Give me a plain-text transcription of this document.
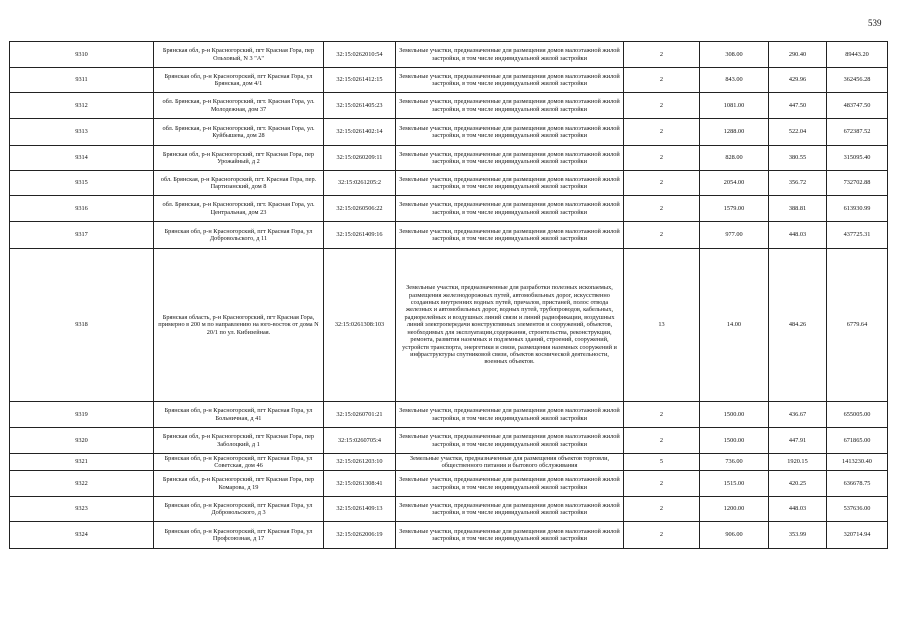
539
9310	Брянская обл, р-н Красногорский, пгт Красная Гора, пер Ольховый, N 3 "А"	32:15:0262010:54	Земельные участки, предназначенные для размещения домов малоэтажной жилой застройки, в том числе индивидуальной жилой застройки	2	308.00	290.40	89443.20
9311	Брянская обл, р-н Красногорский, пгт Красная Гора, ул Брянская, дом 4/1	32:15:0261412:15	Земельные участки, предназначенные для размещения домов малоэтажной жилой застройки, в том числе индивидуальной жилой застройки	2	843.00	429.96	362456.28
9312	обл. Брянская, р-н Красногорский, пгт. Красная Гора, ул. Молодежная, дом 37	32:15:0261405:23	Земельные участки, предназначенные для размещения домов малоэтажной жилой застройки, в том числе индивидуальной жилой застройки	2	1081.00	447.50	483747.50
9313	обл. Брянская, р-н Красногорский, пгт. Красная Гора, ул. Куйбышева, дом 28	32:15:0261402:14	Земельные участки, предназначенные для размещения домов малоэтажной жилой застройки, в том числе индивидуальной жилой застройки	2	1288.00	522.04	672387.52
9314	Брянская обл, р-н Красногорский, пгт Красная Гора, пер Урожайный, д 2	32:15:0260209:11	Земельные участки, предназначенные для размещения домов малоэтажной жилой застройки, в том числе индивидуальной жилой застройки	2	828.00	380.55	315095.40
9315	обл. Брянская, р-н Красногорский, пгт. Красная Гора, пер. Партизанский, дом 8	32:15:0261205:2	Земельные участки, предназначенные для размещения домов малоэтажной жилой застройки, в том числе индивидуальной жилой застройки	2	2054.00	356.72	732702.88
9316	обл. Брянская, р-н Красногорский, пгт. Красная Гора, ул. Центральная, дом 23	32:15:0260506:22	Земельные участки, предназначенные для размещения домов малоэтажной жилой застройки, в том числе индивидуальной жилой застройки	2	1579.00	388.81	613930.99
9317	Брянская обл, р-н Красногорский, пгт Красная Гора, ул Добровольского, д 11	32:15:0261409:16	Земельные участки, предназначенные для размещения домов малоэтажной жилой застройки, в том числе индивидуальной жилой застройки	2	977.00	448.03	437725.31
9318	Брянская область, р-н Красногорский, пгт Красная Гора, примерно в 200 м по направлению на юго-восток от дома N 20/1 по ул. Кибизейная.	32:15:0261308:103	Земельные участки, предназначенные для разработки полезных ископаемых, размещения железнодорожных путей, автомобильных дорог, искусственно созданных внутренних водных путей, причалов, пристаней, полос отвода железных и автомобильных дорог, водных путей, трубопроводов, кабельных, радиорелейных и воздушных линий связи и линий радиофикации, воздушных линий электропередачи конструктивных элементов и сооружений, объектов, необходимых для эксплуатации,содержания, строительства, реконструкции, ремонта, развития наземных и подземных зданий, строений, сооружений, устройств транспорта, энергетики и связи, размещения наземных сооружений и инфраструктуры спутниковой связи, объектов космической деятельности, военных объектов.	13	14.00	484.26	6779.64
9319	Брянская обл, р-н Красногорский, пгт Красная Гора, ул Больничная, д 41	32:15:0260701:21	Земельные участки, предназначенные для размещения домов малоэтажной жилой застройки, в том числе индивидуальной жилой застройки	2	1500.00	436.67	655005.00
9320	Брянская обл, р-н Красногорский, пгт Красная Гора, пер Заболоцкий, д 1	32:15:0260705:4	Земельные участки, предназначенные для размещения домов малоэтажной жилой застройки, в том числе индивидуальной жилой застройки	2	1500.00	447.91	671865.00
9321	Брянская обл, р-н Красногорский, пгт Красная Гора, ул Советская, дом 46	32:15:0261203:10	Земельные участки, предназначенные для размещения объектов торговли, общественного питания и бытового обслуживания	5	736.00	1920.15	1413230.40
9322	Брянская обл, р-н Красногорский, пгт Красная Гора, пер Комарова, д 19	32:15:0261308:41	Земельные участки, предназначенные для размещения домов малоэтажной жилой застройки, в том числе индивидуальной жилой застройки	2	1515.00	420.25	636678.75
9323	Брянская обл, р-н Красногорский, пгт Красная Гора, ул Добровольского, д 3	32:15:0261409:13	Земельные участки, предназначенные для размещения домов малоэтажной жилой застройки, в том числе индивидуальной жилой застройки	2	1200.00	448.03	537636.00
9324	Брянская обл, р-н Красногорский, пгт Красная Гора, ул Профсоюзная, д 17	32:15:0262006:19	Земельные участки, предназначенные для размещения домов малоэтажной жилой застройки, в том числе индивидуальной жилой застройки	2	906.00	353.99	320714.94
